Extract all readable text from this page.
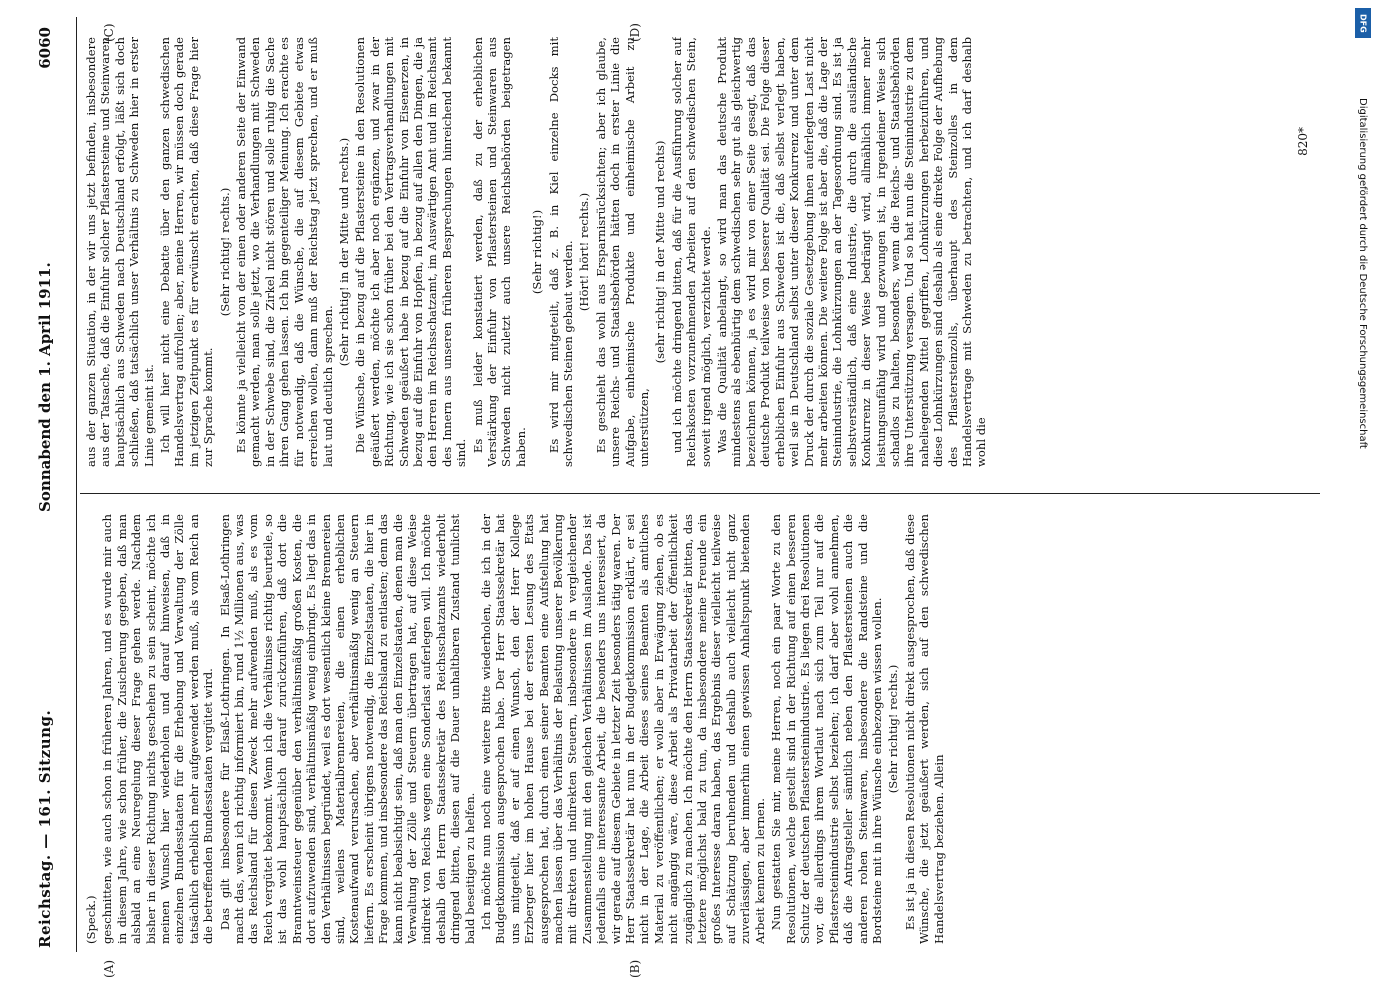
Reichstag. — 161. Sitzung.
Sonnabend den 1. April 1911.
6060
(A)	(B)
(C)	(D)

(Speck.) geschnitten, wie auch schon in früheren Jahren, und es wurde mir auch in diesem Jahre, wie schon früher, die Zusicherung gegeben, daß man alsbald an eine Neuregelung dieser Frage gehen werde. Nachdem bisher in dieser Richtung nichts geschehen zu sein scheint, möchte ich meinen Wunsch hier wiederholen und darauf hinweisen, daß in einzelnen Bundesstaaten für die Erhebung und Verwaltung der Zölle tatsächlich erheblich mehr aufgewendet werden muß, als vom Reich an die betreffenden Bundesstaaten vergütet wird. Das gilt insbesondere für Elsaß-Lothringen. In Elsaß-Lothringen macht das, wenn ich richtig informiert bin, rund 1½ Millionen aus, was das Reichsland für diesen Zweck mehr aufwenden muß, als es vom Reich vergütet bekommt. Wenn ich die Verhältnisse richtig beurteile, so ist das wohl hauptsächlich darauf zurückzuführen, daß dort die Branntweinsteuer gegenüber den verhältnismäßig großen Kosten, die dort aufzuwenden sind, verhältnismäßig wenig einbringt. Es liegt das in den Verhältnissen begründet, weil es dort wesentlich kleine Brennereien sind, weilens Materialbrennereien, die einen erheblichen Kostenaufwand verursachen, aber verhältnismäßig wenig an Steuern liefern. Es erscheint übrigens notwendig, die Einzelstaaten, die hier in Frage kommen, und insbesondere das Reichsland zu entlasten; denn das kann nicht beabsichtigt sein, daß man den Einzelstaaten, denen man die Verwaltung der Zölle und Steuern übertragen hat, auf diese Weise indirekt von Reichs wegen eine Sonderlast auferlegen will. Ich möchte deshalb den Herrn Staatssekretär des Reichsschatzamts wiederholt dringend bitten, diesen auf die Dauer unhaltbaren Zustand tunlichst bald beseitigen zu helfen. Ich möchte nun noch eine weitere Bitte wiederholen, die ich in der Budgetkommission ausgesprochen habe. Der Herr Staatssekretär hat uns mitgeteilt, daß er auf einen Wunsch, den der Herr Kollege Erzberger hier im hohen Hause bei der ersten Lesung des Etats ausgesprochen hat, durch einen seiner Beamten eine Aufstellung hat machen lassen über das Verhältnis der Belastung unserer Bevölkerung mit direkten und indirekten Steuern, insbesondere in vergleichender Zusammenstellung mit den gleichen Verhältnissen im Auslande. Das ist jedenfalls eine interessante Arbeit, die besonders uns interessiert, da wir gerade auf diesem Gebiete in letzter Zeit besonders tätig waren. Der Herr Staatssekretär hat nun in der Budgetkommission erklärt, er sei nicht in der Lage, die Arbeit dieses seines Beamten als amtliches Material zu veröffentlichen; er wolle aber in Erwägung ziehen, ob es nicht angängig wäre, diese Arbeit als Privatarbeit der Öffentlichkeit zugänglich zu machen. Ich möchte den Herrn Staatssekretär bitten, das letztere möglichst bald zu tun, da insbesondere meine Freunde ein großes Interesse daran haben, das Ergebnis dieser vielleicht teilweise auf Schätzung beruhenden und deshalb auch vielleicht nicht ganz zuverlässigen, aber immerhin einen gewissen Anhaltspunkt bietenden Arbeit kennen zu lernen. Nun gestatten Sie mir, meine Herren, noch ein paar Worte zu den Resolutionen, welche gestellt sind in der Richtung auf einen besseren Schutz der deutschen Pflastersteinindustrie. Es liegen drei Resolutionen vor, die allerdings ihrem Wortlaut nach sich zum Teil nur auf die Pflastersteinindustrie selbst beziehen; ich darf aber wohl annehmen, daß die Antragsteller sämtlich neben den Pflastersteinen auch die anderen rohen Steinwaren, insbesondere die Randsteine und die Bordsteine mit in ihre Wünsche einbezogen wissen wollen. (Sehr richtig! rechts.) Es ist ja in diesen Resolutionen nicht direkt ausgesprochen, daß diese Wünsche, die jetzt geäußert werden, sich auf den schwedischen Handelsvertrag beziehen. Allein

aus der ganzen Situation, in der wir uns jetzt befinden, insbesondere aus der Tatsache, daß die Einfuhr solcher Pflastersteine und Steinwaren hauptsächlich aus Schweden nach Deutschland erfolgt, läßt sich doch schließen, daß tatsächlich unser Verhältnis zu Schweden hier in erster Linie gemeint ist. Ich will hier nicht eine Debatte über den ganzen schwedischen Handelsvertrag aufrollen; aber, meine Herren, wir müssen doch gerade im jetzigen Zeitpunkt es für erwünscht erachten, daß diese Frage hier zur Sprache kommt.

(Sehr richtig! rechts.) Es könnte ja vielleicht von der einen oder anderen Seite der Einwand gemacht werden, man solle jetzt, wo die Verhandlungen mit Schweden in der Schwebe sind, die Zirkel nicht stören und solle ruhig die Sache ihren Gang gehen lassen. Ich bin gegenteiliger Meinung. Ich erachte es für notwendig, daß die Wünsche, die auf diesem Gebiete etwas erreichen wollen, dann muß der Reichstag jetzt sprechen, und er muß laut und deutlich sprechen.

(Sehr richtig! in der Mitte und rechts.) Die Wünsche, die in bezug auf die Pflastersteine in den Resolutionen geäußert werden, möchte ich aber noch ergänzen, und zwar in der Richtung, wie ich sie schon früher bei den Vertragsverhandlungen mit Schweden geäußert habe in bezug auf die Einfuhr von Eisenerzen, in bezug auf die Einfuhr von Hopfen, in bezug auf allen den Dingen, die ja den Herren im Reichsschatzamt, im Auswärtigen Amt und im Reichsamt des Innern aus unseren früheren Besprechungen hinreichend bekannt sind. Es muß leider konstatiert werden, daß zu der erheblichen Verstärkung der Einfuhr von Pflastersteinen und Steinwaren aus Schweden nicht zuletzt auch unsere Reichsbehörden beigetragen haben.

(Sehr richtig!) Es wird mir mitgeteilt, daß z. B. in Kiel einzelne Docks mit schwedischen Steinen gebaut werden. (Hört! hört! rechts.) Es geschieht das wohl aus Ersparnisrücksichten; aber ich glaube, unsere Reichs- und Staatsbehörden hätten doch in erster Linie die Aufgabe, einheimische Produkte und einheimische Arbeit zu unterstützen,

(sehr richtig! in der Mitte und rechts) und ich möchte dringend bitten, daß für die Ausführung solcher auf Reichskosten vorzunehmenden Arbeiten auf den schwedischen Stein, soweit irgend möglich, verzichtet werde. Was die Qualität anbelangt, so wird man das deutsche Produkt mindestens als ebenbürtig dem schwedischen sehr gut als gleichwertig bezeichnen können, ja es wird mir von einer Seite gesagt, daß das deutsche Produkt teilweise von besserer Qualität sei. Die Folge dieser erheblichen Einfuhr aus Schweden ist die, daß selbst verlegt haben, weil sie in Deutschland selbst unter dieser Konkurrenz und unter dem Druck der durch die soziale Gesetzgebung ihnen auferlegten Last nicht mehr arbeiten können. Die weitere Folge ist aber die, daß die Lage der Steinindustrie, die Lohnkürzungen an der Tagesordnung sind. Es ist ja selbstverständlich, daß eine Industrie, die durch die ausländische Konkurrenz in dieser Weise bedrängt wird, allmählich immer mehr leistungsunfähig wird und gezwungen ist, in irgendeiner Weise sich schadlos zu halten, besonders, wenn die Reichs- und Staatsbehörden ihre Unterstützung versagen. Und so hat nun die Steinindustrie zu dem naheliegenden Mittel gegriffen, Lohnkürzungen herbeizuführen, und diese Lohnkürzungen sind deshalb als eine direkte Folge der Aufhebung des Pflastersteinzolls, überhaupt des Steinzolles in dem Handelsvertrage mit Schweden zu betrachten, und ich darf deshalb wohl die

820*
DFG
Digitalisierung gefördert durch die Deutsche Forschungsgemeinschaft
